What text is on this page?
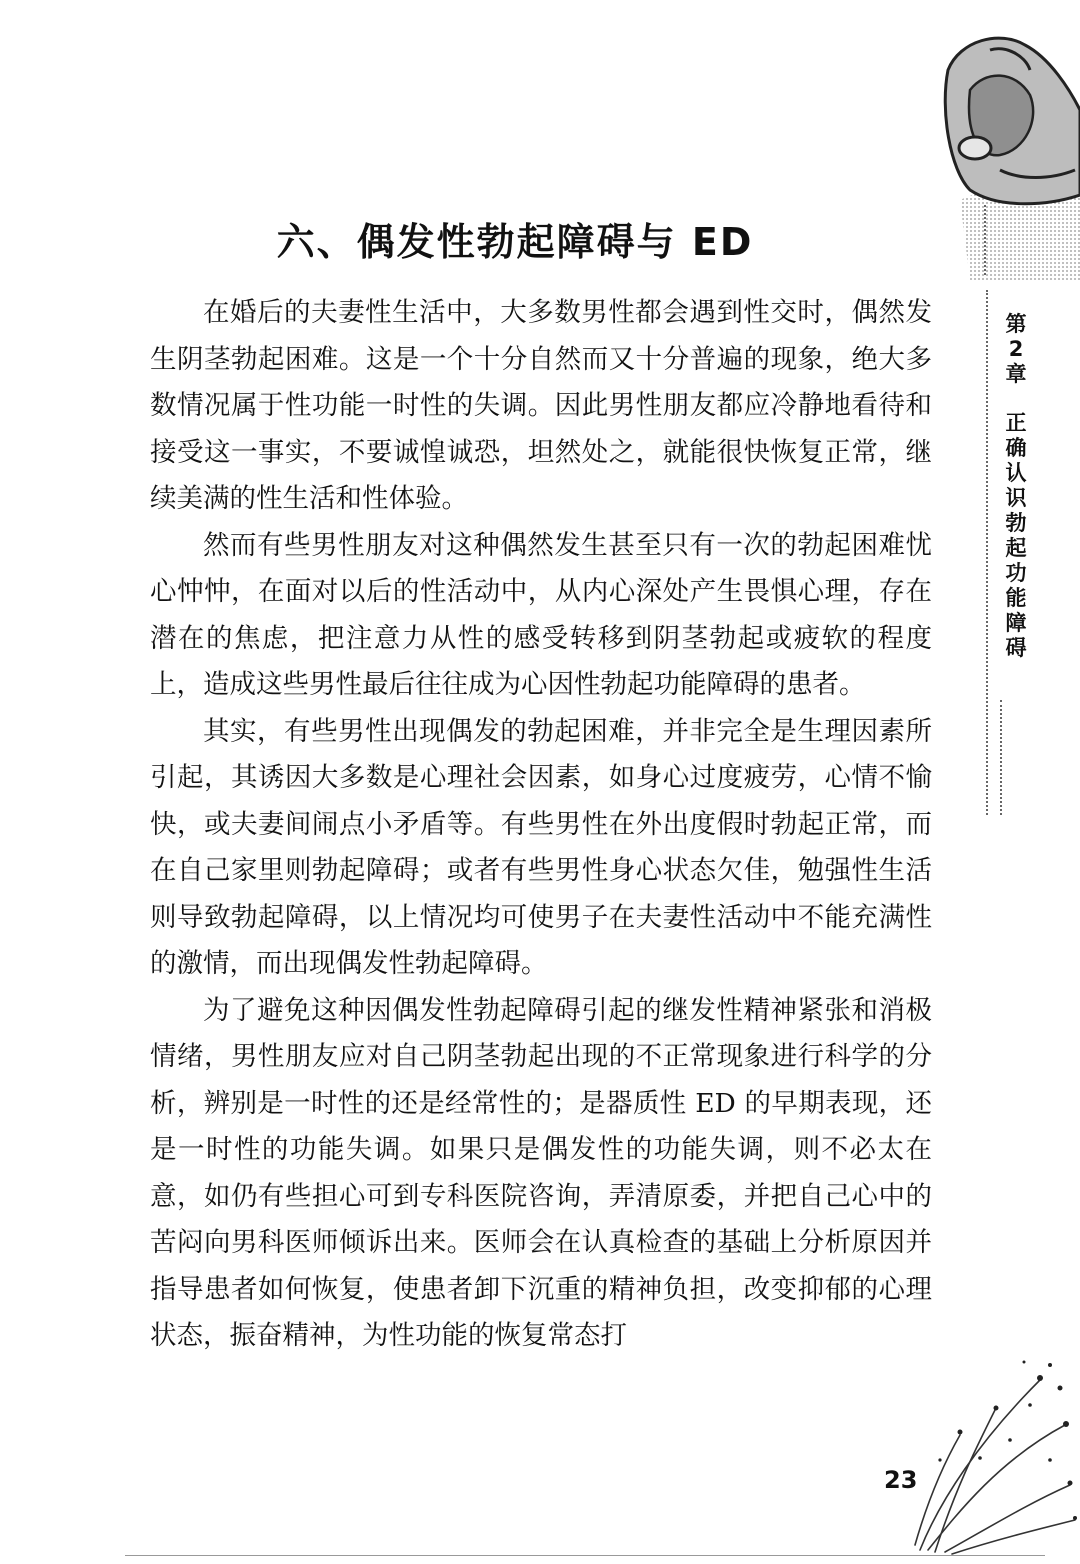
六、偶发性勃起障碍与 ED

在婚后的夫妻性生活中，大多数男性都会遇到性交时，偶然发生阴茎勃起困难。这是一个十分自然而又十分普遍的现象，绝大多数情况属于性功能一时性的失调。因此男性朋友都应冷静地看待和接受这一事实，不要诚惶诚恐，坦然处之，就能很快恢复正常，继续美满的性生活和性体验。

然而有些男性朋友对这种偶然发生甚至只有一次的勃起困难忧心忡忡，在面对以后的性活动中，从内心深处产生畏惧心理，存在潜在的焦虑，把注意力从性的感受转移到阴茎勃起或疲软的程度上，造成这些男性最后往往成为心因性勃起功能障碍的患者。

其实，有些男性出现偶发的勃起困难，并非完全是生理因素所引起，其诱因大多数是心理社会因素，如身心过度疲劳，心情不愉快，或夫妻间闹点小矛盾等。有些男性在外出度假时勃起正常，而在自己家里则勃起障碍；或者有些男性身心状态欠佳，勉强性生活则导致勃起障碍，以上情况均可使男子在夫妻性活动中不能充满性的激情，而出现偶发性勃起障碍。

为了避免这种因偶发性勃起障碍引起的继发性精神紧张和消极情绪，男性朋友应对自己阴茎勃起出现的不正常现象进行科学的分析，辨别是一时性的还是经常性的；是器质性 ED 的早期表现，还是一时性的功能失调。如果只是偶发性的功能失调，则不必太在意，如仍有些担心可到专科医院咨询，弄清原委，并把自己心中的苦闷向男科医师倾诉出来。医师会在认真检查的基础上分析原因并指导患者如何恢复，使患者卸下沉重的精神负担，改变抑郁的心理状态，振奋精神，为性功能的恢复常态打

第
2
章
正
确
认
识
勃
起
功
能
障
碍
23
